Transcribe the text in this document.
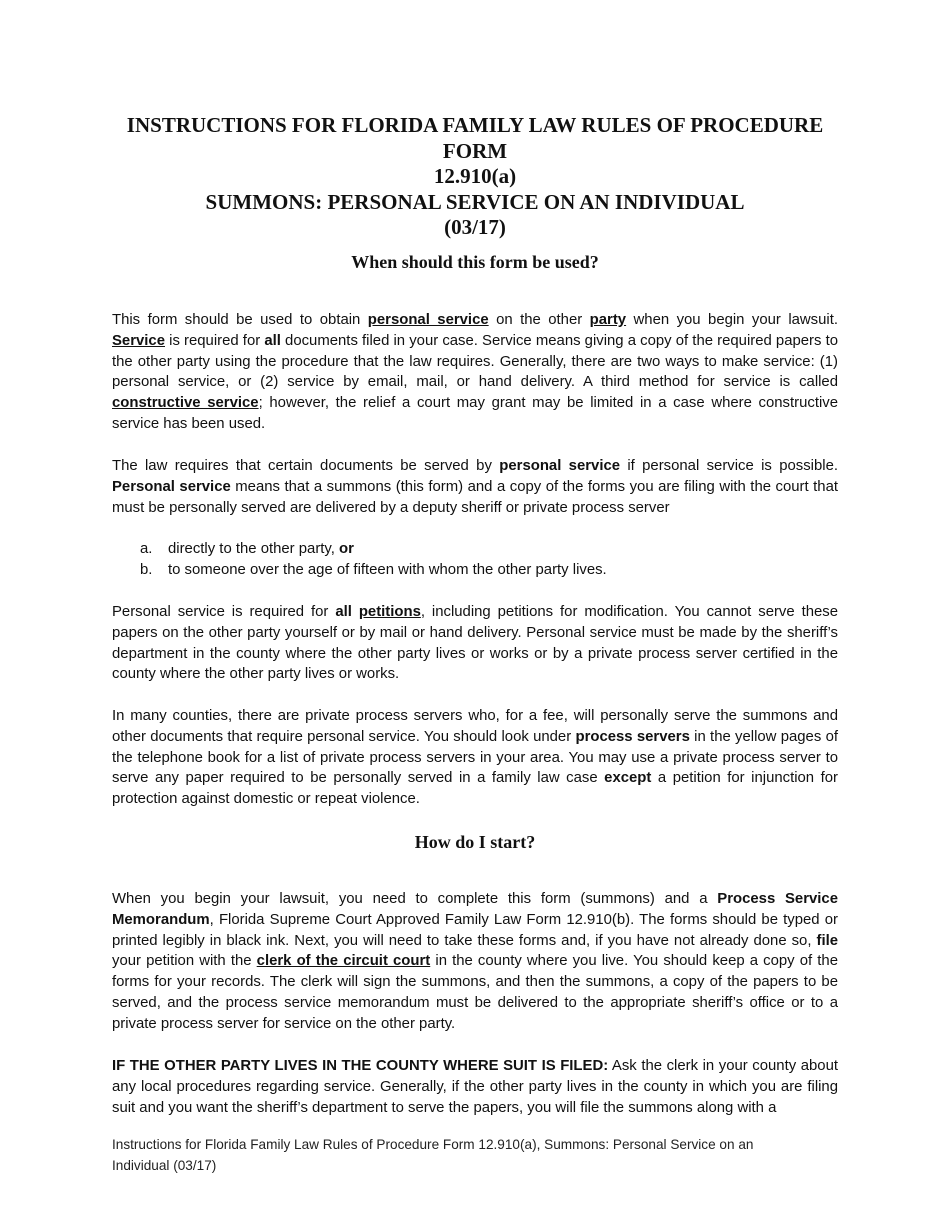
INSTRUCTIONS FOR FLORIDA FAMILY LAW RULES OF PROCEDURE FORM
12.910(a)
SUMMONS: PERSONAL SERVICE ON AN INDIVIDUAL
(03/17)
When should this form be used?

This form should be used to obtain personal service on the other party when you begin your lawsuit. Service is required for all documents filed in your case. Service means giving a copy of the required papers to the other party using the procedure that the law requires. Generally, there are two ways to make service: (1) personal service, or (2) service by email, mail, or hand delivery. A third method for service is called constructive service; however, the relief a court may grant may be limited in a case where constructive service has been used.

The law requires that certain documents be served by personal service if personal service is possible. Personal service means that a summons (this form) and a copy of the forms you are filing with the court that must be personally served are delivered by a deputy sheriff or private process server

a. directly to the other party, or
b. to someone over the age of fifteen with whom the other party lives.

Personal service is required for all petitions, including petitions for modification. You cannot serve these papers on the other party yourself or by mail or hand delivery. Personal service must be made by the sheriff’s department in the county where the other party lives or works or by a private process server certified in the county where the other party lives or works.

In many counties, there are private process servers who, for a fee, will personally serve the summons and other documents that require personal service. You should look under process servers in the yellow pages of the telephone book for a list of private process servers in your area. You may use a private process server to serve any paper required to be personally served in a family law case except a petition for injunction for protection against domestic or repeat violence.

How do I start?

When you begin your lawsuit, you need to complete this form (summons) and a Process Service Memorandum, Florida Supreme Court Approved Family Law Form 12.910(b). The forms should be typed or printed legibly in black ink. Next, you will need to take these forms and, if you have not already done so, file your petition with the clerk of the circuit court in the county where you live. You should keep a copy of the forms for your records. The clerk will sign the summons, and then the summons, a copy of the papers to be served, and the process service memorandum must be delivered to the appropriate sheriff’s office or to a private process server for service on the other party.

IF THE OTHER PARTY LIVES IN THE COUNTY WHERE SUIT IS FILED: Ask the clerk in your county about any local procedures regarding service. Generally, if the other party lives in the county in which you are filing suit and you want the sheriff’s department to serve the papers, you will file the summons along with a

Instructions for Florida Family Law Rules of Procedure Form 12.910(a), Summons: Personal Service on an
Individual (03/17)
